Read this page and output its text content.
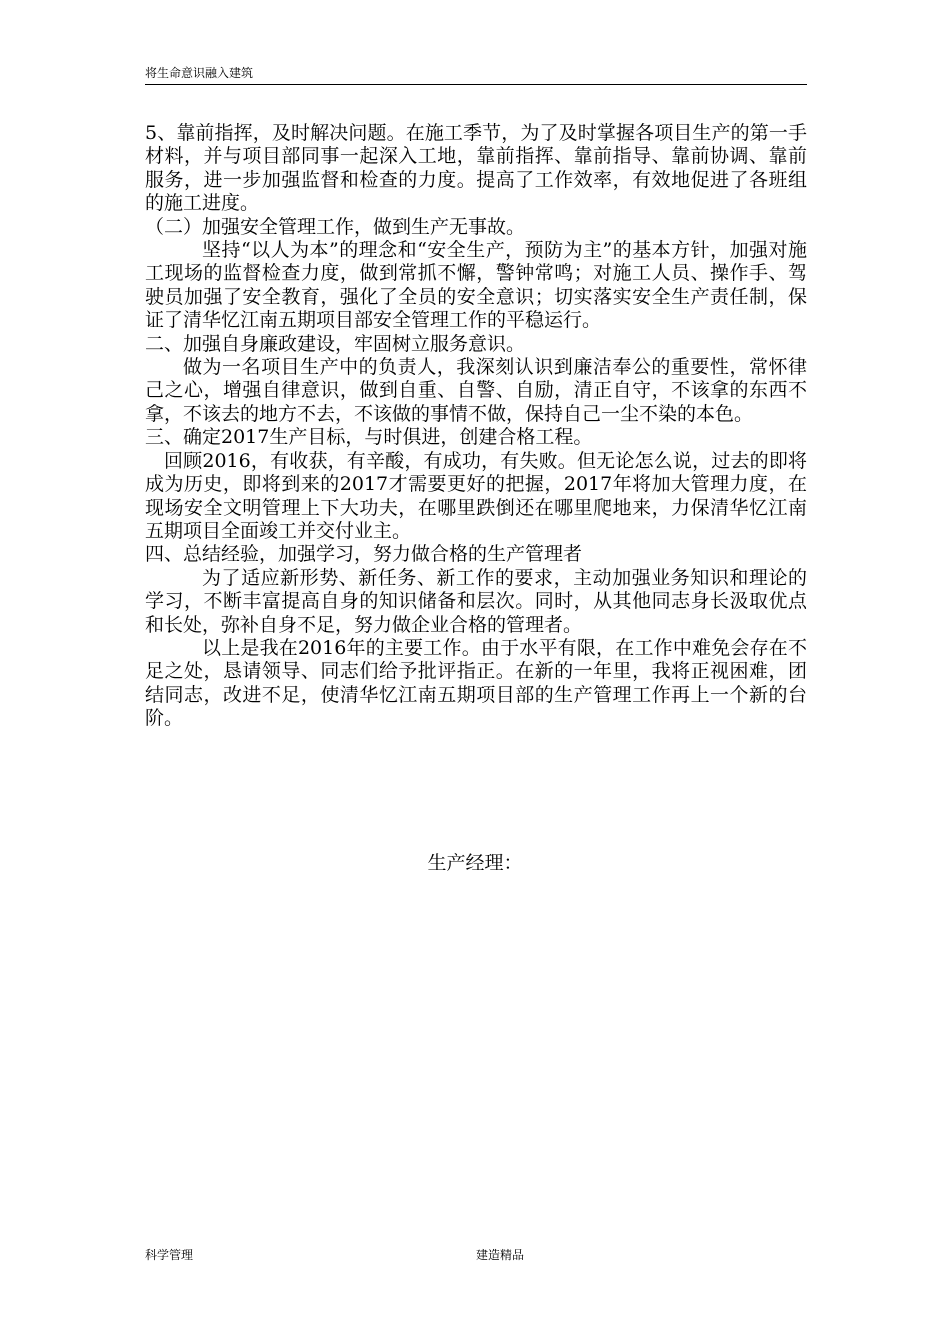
将生命意识融入建筑

5、靠前指挥，及时解决问题。在施工季节，为了及时掌握各项目生产的第一手材料，并与项目部同事一起深入工地，靠前指挥、靠前指导、靠前协调、靠前服务，进一步加强监督和检查的力度。提高了工作效率，有效地促进了各班组的施工进度。

（二）加强安全管理工作，做到生产无事故。

坚持“以人为本”的理念和“安全生产，预防为主”的基本方针，加强对施工现场的监督检查力度，做到常抓不懈，警钟常鸣；对施工人员、操作手、驾驶员加强了安全教育，强化了全员的安全意识；切实落实安全生产责任制，保证了清华忆江南五期项目部安全管理工作的平稳运行。

二、加强自身廉政建设，牢固树立服务意识。

做为一名项目生产中的负责人，我深刻认识到廉洁奉公的重要性，常怀律己之心，增强自律意识，做到自重、自警、自励，清正自守，不该拿的东西不拿，不该去的地方不去，不该做的事情不做，保持自己一尘不染的本色。

三、确定2017生产目标，与时俱进，创建合格工程。

回顾2016，有收获，有辛酸，有成功，有失败。但无论怎么说，过去的即将成为历史，即将到来的2017才需要更好的把握，2017年将加大管理力度，在现场安全文明管理上下大功夫，在哪里跌倒还在哪里爬地来，力保清华忆江南五期项目全面竣工并交付业主。

四、总结经验，加强学习，努力做合格的生产管理者

为了适应新形势、新任务、新工作的要求，主动加强业务知识和理论的学习，不断丰富提高自身的知识储备和层次。同时，从其他同志身长汲取优点和长处，弥补自身不足，努力做企业合格的管理者。

以上是我在2016年的主要工作。由于水平有限，在工作中难免会存在不足之处，恳请领导、同志们给予批评指正。在新的一年里，我将正视困难，团结同志，改进不足，使清华忆江南五期项目部的生产管理工作再上一个新的台阶。

生产经理：
科学管理	建造精品
